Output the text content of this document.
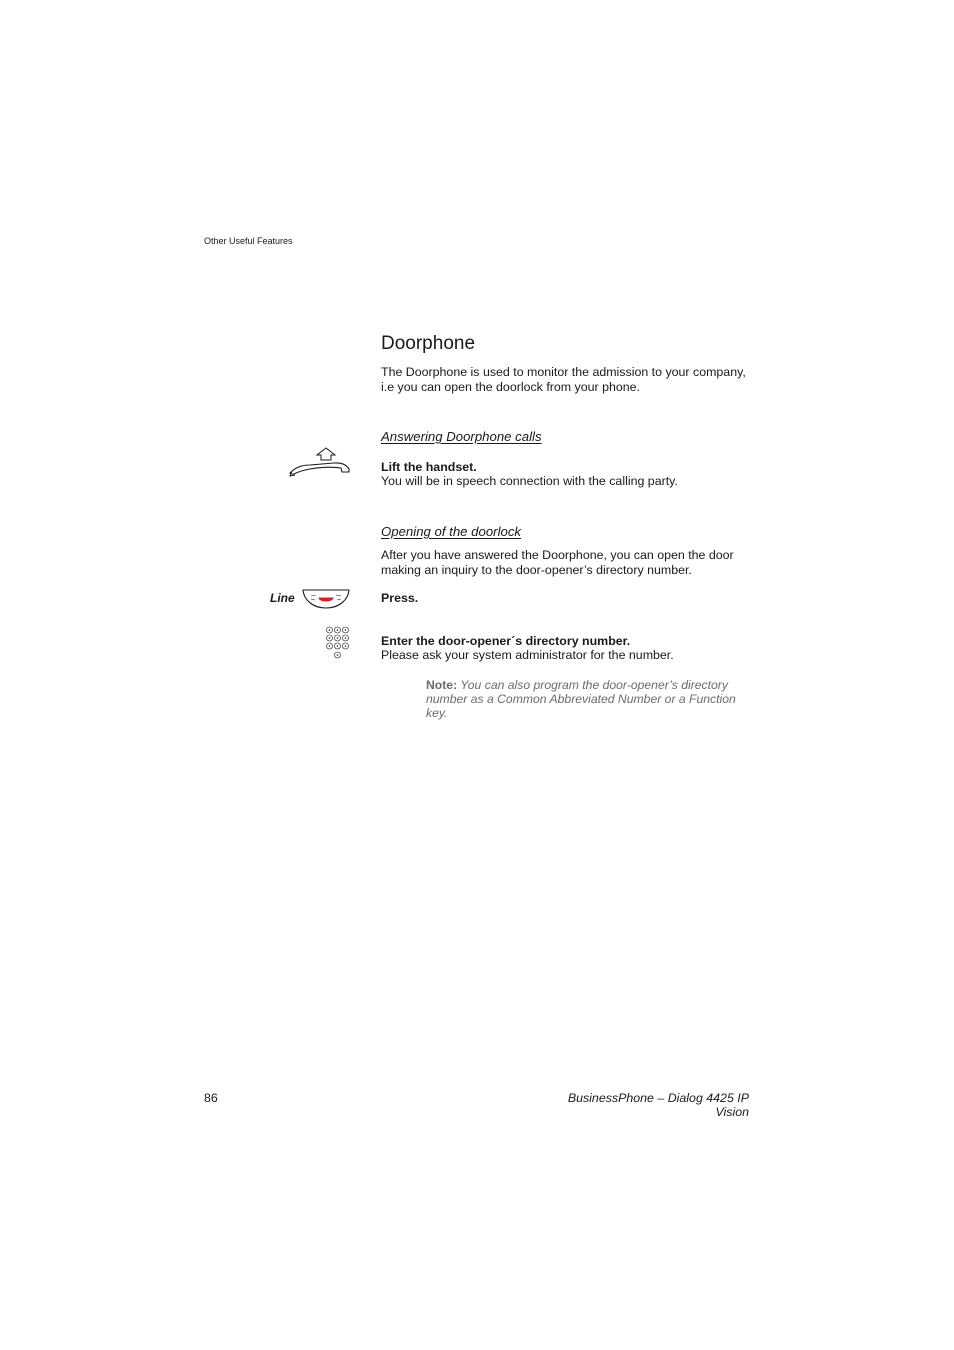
Other Useful Features
Doorphone
The Doorphone is used to monitor the admission to your company, i.e you can open the doorlock from your phone.
Answering Doorphone calls
Lift the handset.
You will be in speech connection with the calling party.
Opening of the doorlock
After you have answered the Doorphone, you can open the door making an inquiry to the door-opener’s directory number.
Line	Press.
Enter the door-opener´s directory number.
Please ask your system administrator for the number.
Note: You can also program the door-opener’s directory number as a Common Abbreviated Number or a Function key.
86	BusinessPhone – Dialog 4425 IP Vision
